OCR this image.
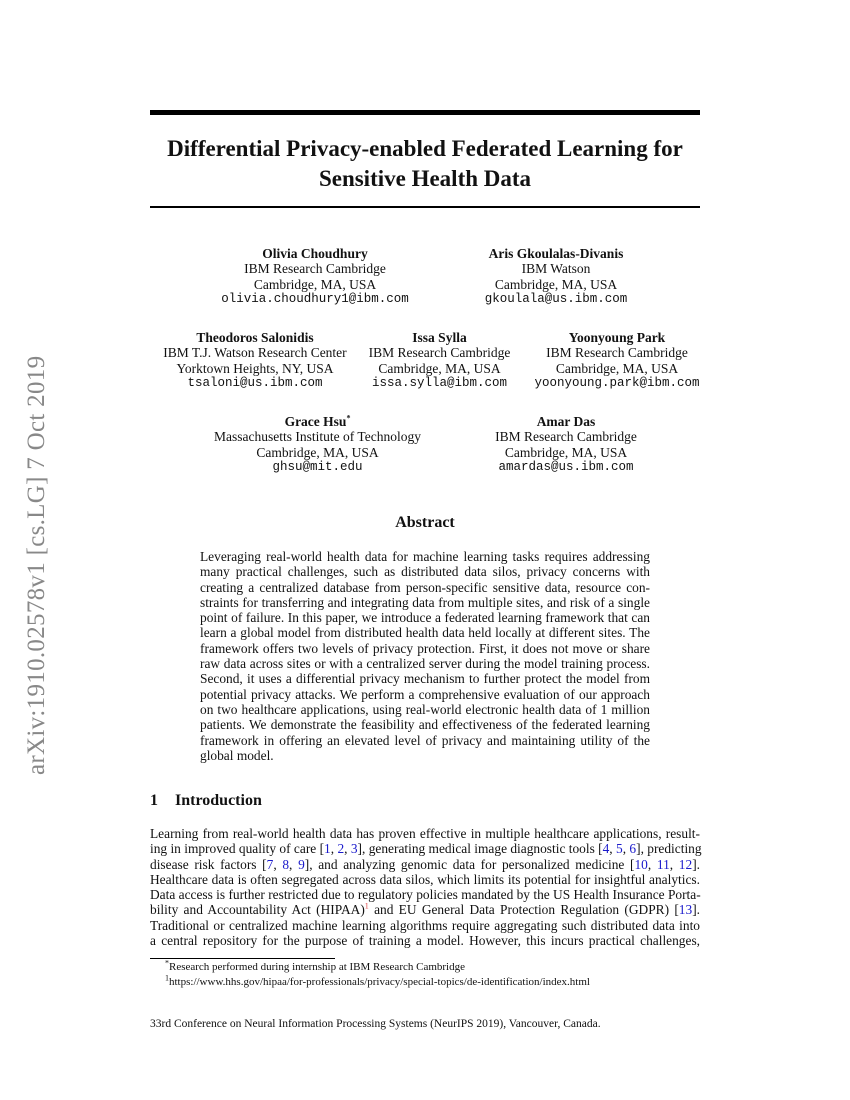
arXiv:1910.02578v1 [cs.LG] 7 Oct 2019
Differential Privacy-enabled Federated Learning for
Sensitive Health Data
Olivia Choudhury
IBM Research Cambridge
Cambridge, MA, USA
olivia.choudhury1@ibm.com
Aris Gkoulalas-Divanis
IBM Watson
Cambridge, MA, USA
gkoulala@us.ibm.com
Theodoros Salonidis
IBM T.J. Watson Research Center
Yorktown Heights, NY, USA
tsaloni@us.ibm.com
Issa Sylla
IBM Research Cambridge
Cambridge, MA, USA
issa.sylla@ibm.com
Yoonyoung Park
IBM Research Cambridge
Cambridge, MA, USA
yoonyoung.park@ibm.com
Grace Hsu*
Massachusetts Institute of Technology
Cambridge, MA, USA
ghsu@mit.edu
Amar Das
IBM Research Cambridge
Cambridge, MA, USA
amardas@us.ibm.com
Abstract
Leveraging real-world health data for machine learning tasks requires addressing
many practical challenges, such as distributed data silos, privacy concerns with
creating a centralized database from person-specific sensitive data, resource con-
straints for transferring and integrating data from multiple sites, and risk of a single
point of failure. In this paper, we introduce a federated learning framework that can
learn a global model from distributed health data held locally at different sites. The
framework offers two levels of privacy protection. First, it does not move or share
raw data across sites or with a centralized server during the model training process.
Second, it uses a differential privacy mechanism to further protect the model from
potential privacy attacks. We perform a comprehensive evaluation of our approach
on two healthcare applications, using real-world electronic health data of 1 million
patients. We demonstrate the feasibility and effectiveness of the federated learning
framework in offering an elevated level of privacy and maintaining utility of the
global model.
1 Introduction
Learning from real-world health data has proven effective in multiple healthcare applications, result-
ing in improved quality of care [1, 2, 3], generating medical image diagnostic tools [4, 5, 6], predicting
disease risk factors [7, 8, 9], and analyzing genomic data for personalized medicine [10, 11, 12].
Healthcare data is often segregated across data silos, which limits its potential for insightful analytics.
Data access is further restricted due to regulatory policies mandated by the US Health Insurance Porta-
bility and Accountability Act (HIPAA)$^1$ and EU General Data Protection Regulation (GDPR) [13].
Traditional or centralized machine learning algorithms require aggregating such distributed data into
a central repository for the purpose of training a model. However, this incurs practical challenges,
*Research performed during internship at IBM Research Cambridge
$^1$https://www.hhs.gov/hipaa/for-professionals/privacy/special-topics/de-identification/index.html
33rd Conference on Neural Information Processing Systems (NeurIPS 2019), Vancouver, Canada.
